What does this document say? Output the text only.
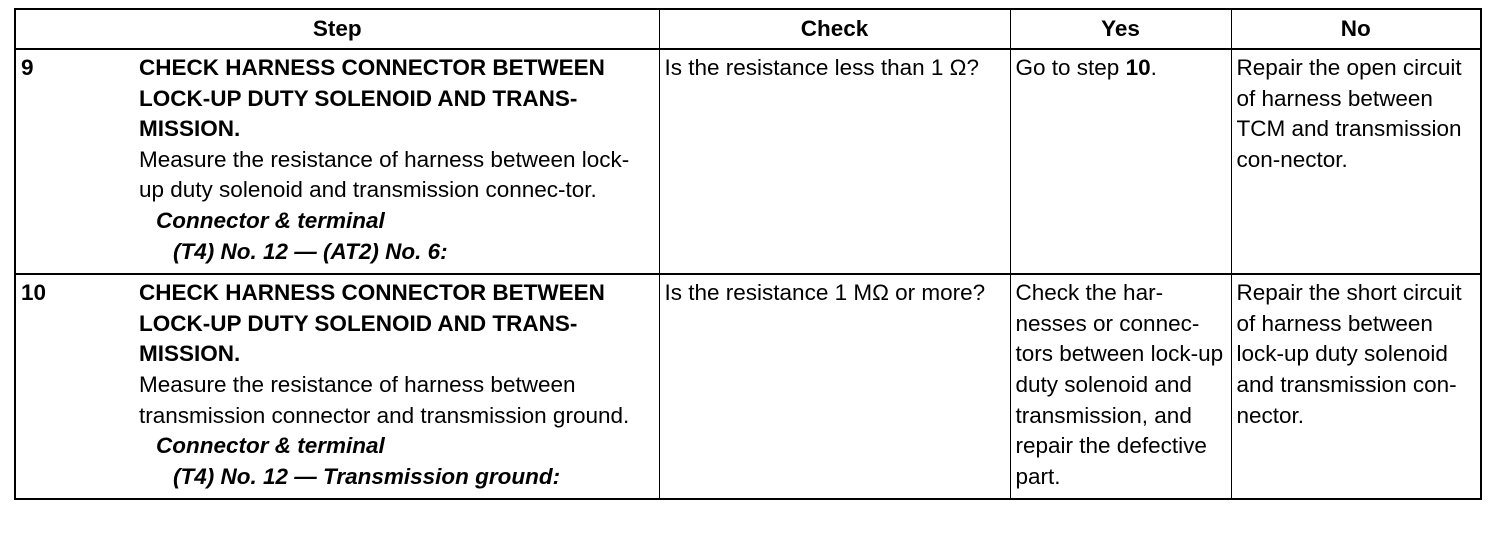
Step	Check	Yes	No

9 CHECK HARNESS CONNECTOR BETWEEN LOCK-UP DUTY SOLENOID AND TRANS-MISSION.
Measure the resistance of harness between lock-up duty solenoid and transmission connec-tor.
Connector & terminal
(T4) No. 12 — (AT2) No. 6:	Is the resistance less than 1 Ω?	Go to step 10.	Repair the open circuit of harness between TCM and transmission con-nector.

10 CHECK HARNESS CONNECTOR BETWEEN LOCK-UP DUTY SOLENOID AND TRANS-MISSION.
Measure the resistance of harness between transmission connector and transmission ground.
Connector & terminal
(T4) No. 12 — Transmission ground:	Is the resistance 1 MΩ or more?	Check the har-nesses or connec-tors between lock-up duty solenoid and transmission, and repair the defective part.	Repair the short circuit of harness between lock-up duty solenoid and transmission con-nector.
